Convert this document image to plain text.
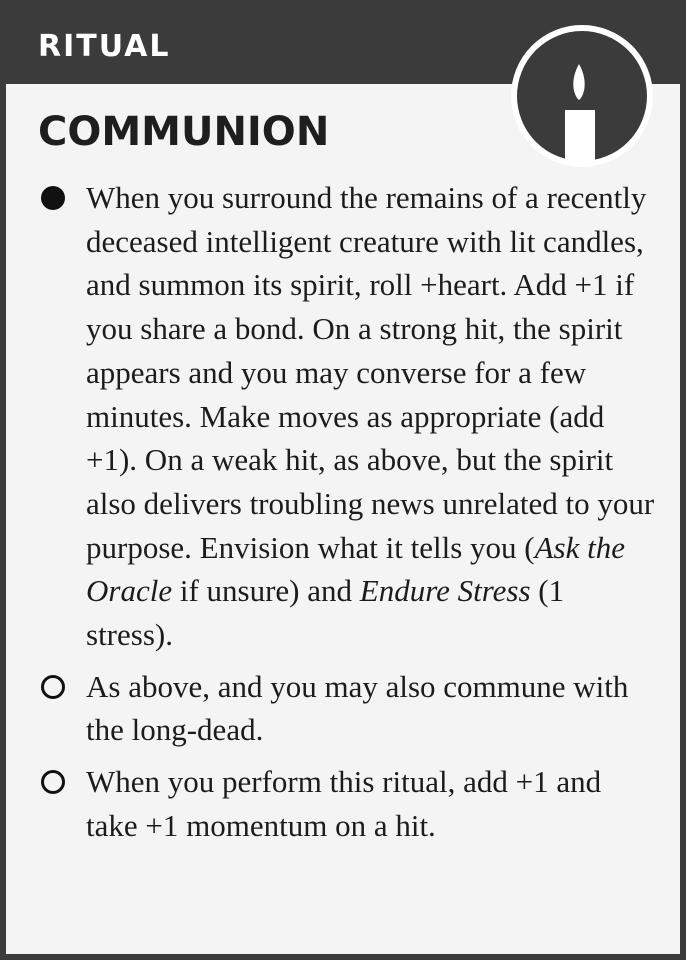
RITUAL
COMMUNION

When you surround the remains of a recently deceased intelligent creature with lit candles, and summon its spirit, roll +heart. Add +1 if you share a bond. On a strong hit, the spirit appears and you may converse for a few minutes. Make moves as appropriate (add +1). On a weak hit, as above, but the spirit also delivers troubling news unrelated to your purpose. Envision what it tells you (Ask the Oracle if unsure) and Endure Stress (1 stress).

As above, and you may also commune with the long-dead.

When you perform this ritual, add +1 and take +1 momentum on a hit.
